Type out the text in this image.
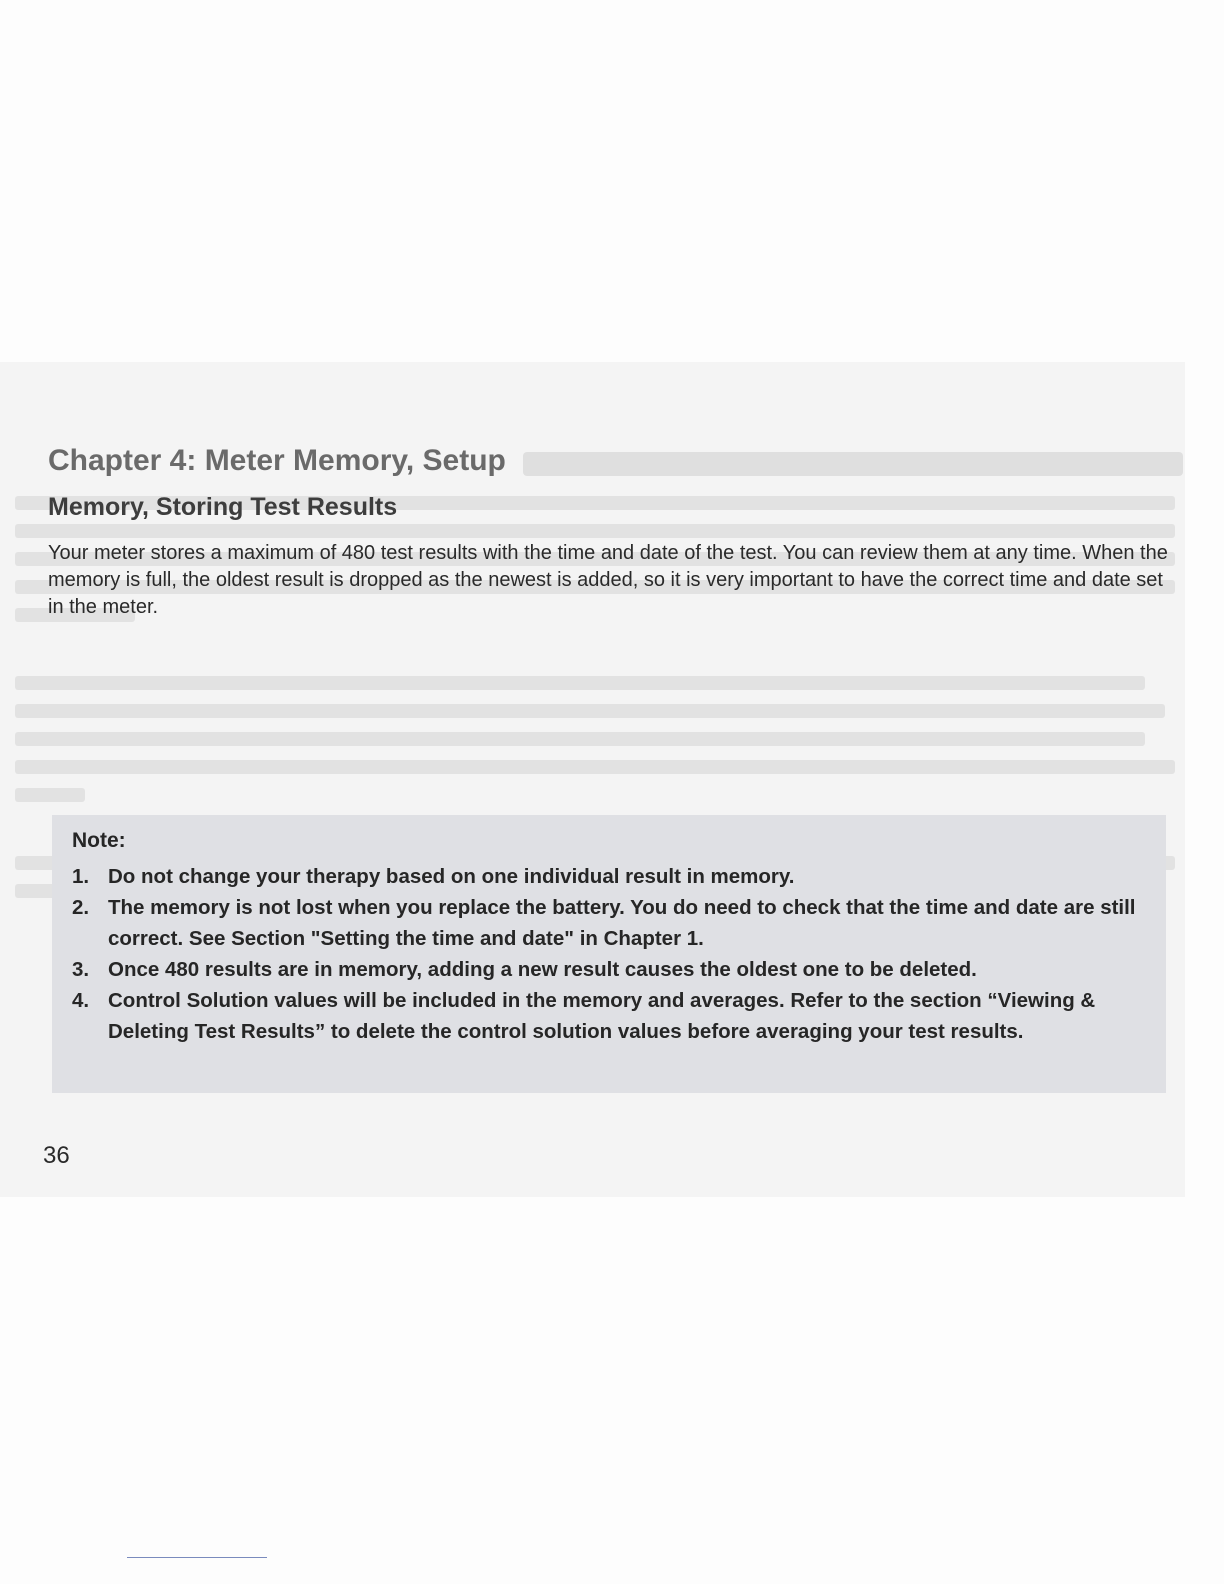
Chapter 4: Meter Memory, Setup
Memory, Storing Test Results

Your meter stores a maximum of 480 test results with the time and date of the test. You can review them at any time. When the memory is full, the oldest result is dropped as the newest is added, so it is very important to have the correct time and date set in the meter.

Note:
1. Do not change your therapy based on one individual result in memory.
2. The memory is not lost when you replace the battery. You do need to check that the time and date are still correct. See Section "Setting the time and date" in Chapter 1.
3. Once 480 results are in memory, adding a new result causes the oldest one to be deleted.
4. Control Solution values will be included in the memory and averages. Refer to the section “Viewing & Deleting Test Results” to delete the control solution values before averaging your test results.
36
